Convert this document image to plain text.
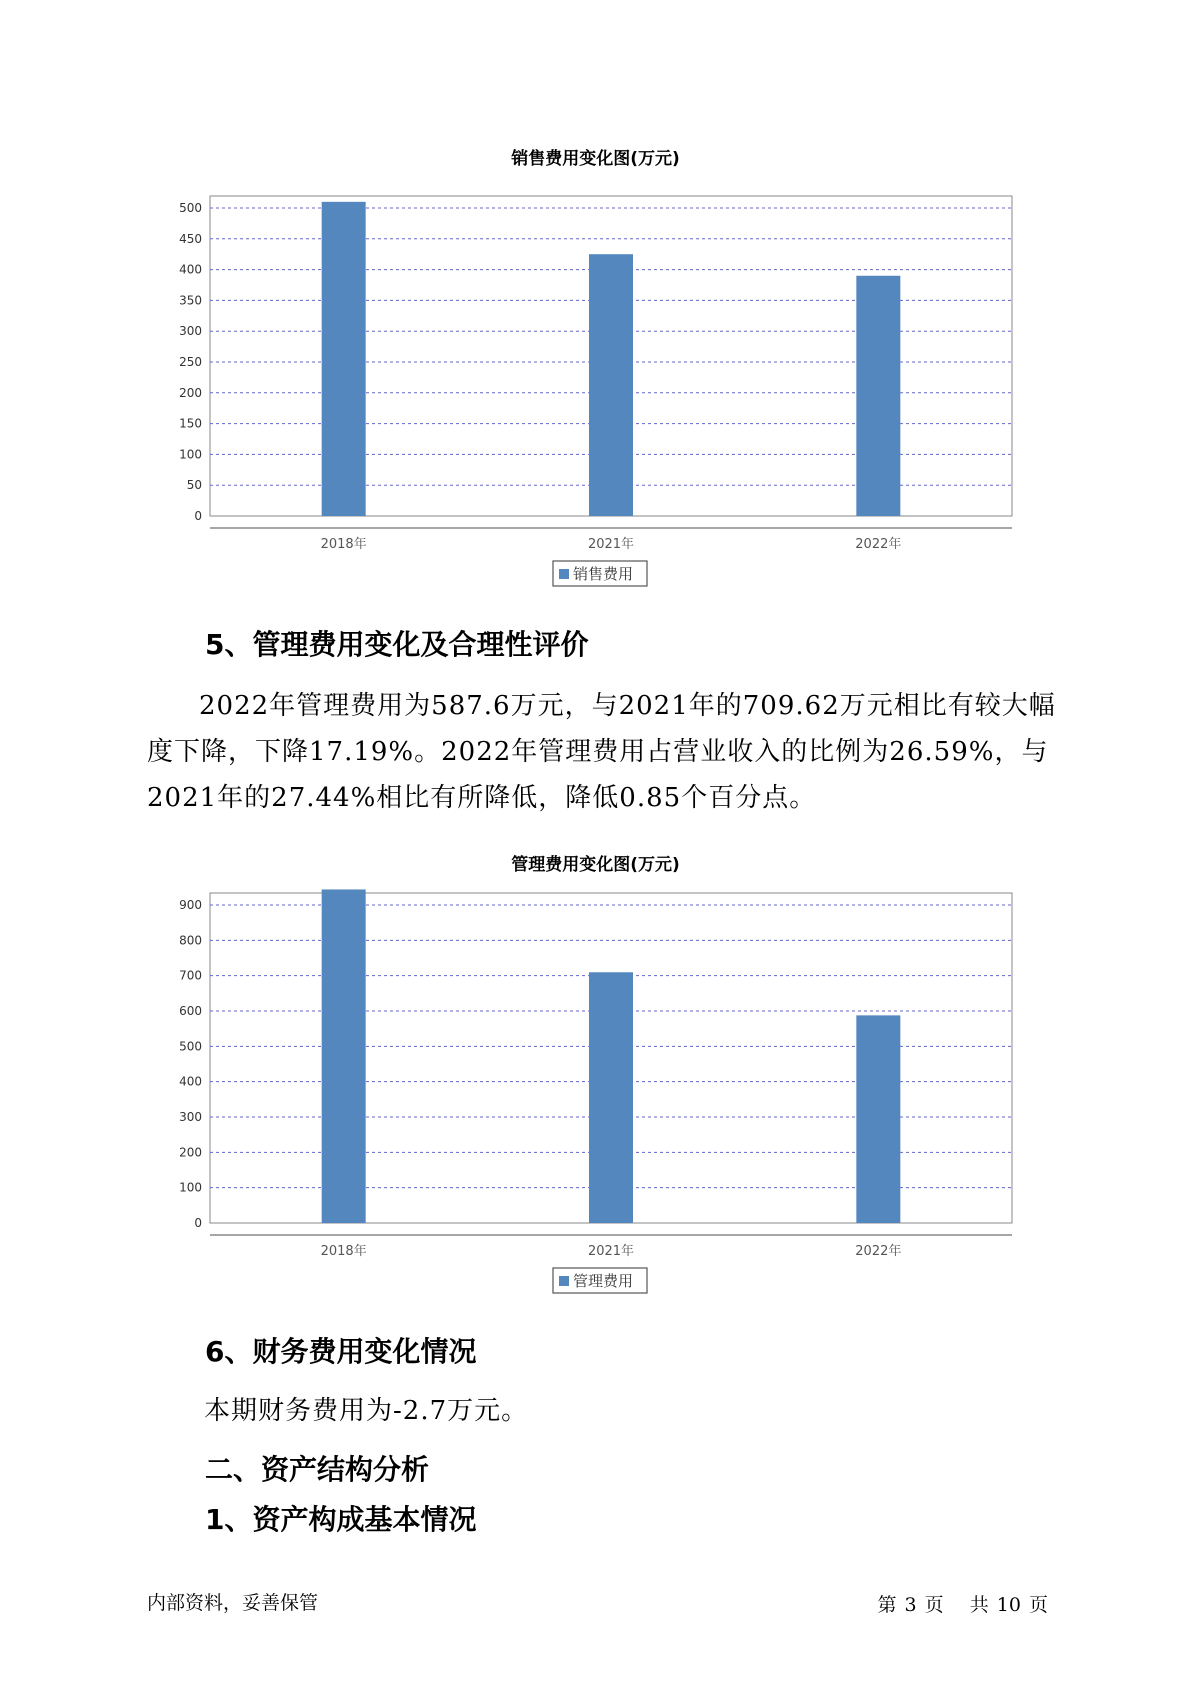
销售费用变化图(万元)
0
50
100
150
200
250
300
350
400
450
500
2018年	2021年	2022年
销售费用
5、管理费用变化及合理性评价

2022年管理费用为587.6万元，与2021年的709.62万元相比有较大幅度下降，下降17.19%。2022年管理费用占营业收入的比例为26.59%，与2021年的27.44%相比有所降低，降低0.85个百分点。

管理费用变化图(万元)
0
100
200
300
400
500
600
700
800
900
2018年	2021年	2022年
管理费用
6、财务费用变化情况

本期财务费用为-2.7万元。

二、资产结构分析
1、资产构成基本情况
内部资料，妥善保管	第 3 页 共 10 页
